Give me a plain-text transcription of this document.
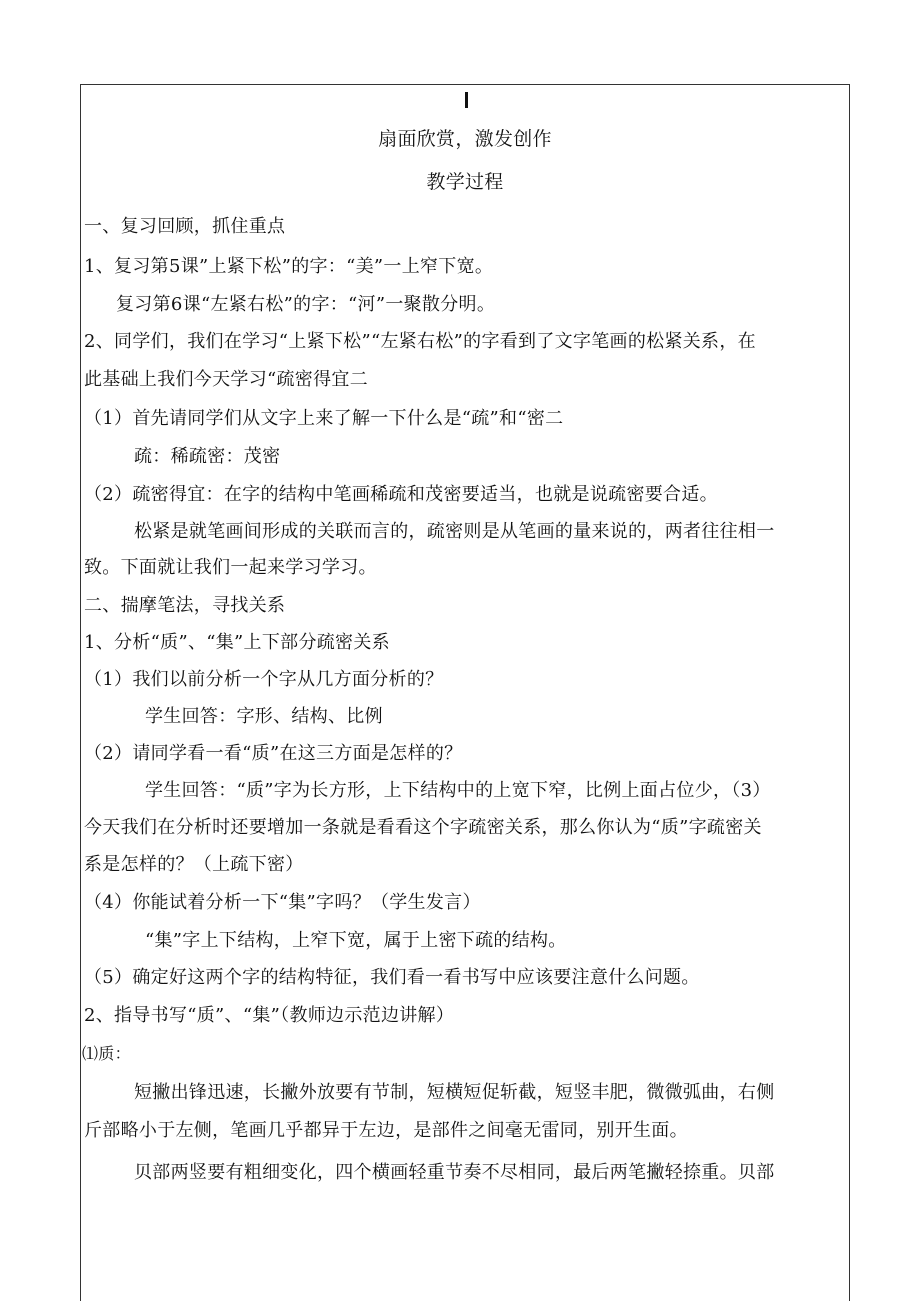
扇面欣赏，激发创作
教学过程
一、复习回顾，抓住重点
1、复习第5课”上紧下松”的字：“美”一上窄下宽。
复习第6课“左紧右松”的字：“河”一聚散分明。
2、同学们，我们在学习“上紧下松”“左紧右松”的字看到了文字笔画的松紧关系，在
此基础上我们今天学习“疏密得宜二
（1）首先请同学们从文字上来了解一下什么是“疏”和“密二
疏：稀疏密：茂密
（2）疏密得宜：在字的结构中笔画稀疏和茂密要适当，也就是说疏密要合适。
松紧是就笔画间形成的关联而言的，疏密则是从笔画的量来说的，两者往往相一
致。下面就让我们一起来学习学习。
二、揣摩笔法，寻找关系
1、分析“质”、“集”上下部分疏密关系
（1）我们以前分析一个字从几方面分析的？
学生回答：字形、结构、比例
（2）请同学看一看“质”在这三方面是怎样的？
学生回答：“质”字为长方形，上下结构中的上宽下窄，比例上面占位少，（3）
今天我们在分析时还要增加一条就是看看这个字疏密关系，那么你认为“质”字疏密关
系是怎样的？（上疏下密）
（4）你能试着分析一下“集”字吗？（学生发言）
“集”字上下结构，上窄下宽，属于上密下疏的结构。
（5）确定好这两个字的结构特征，我们看一看书写中应该要注意什么问题。
2、指导书写“质”、“集”（教师边示范边讲解）
⑴质：
短撇出锋迅速，长撇外放要有节制，短横短促斩截，短竖丰肥，微微弧曲，右侧
斤部略小于左侧，笔画几乎都异于左边，是部件之间毫无雷同，别开生面。
贝部两竖要有粗细变化，四个横画轻重节奏不尽相同，最后两笔撇轻捺重。贝部
